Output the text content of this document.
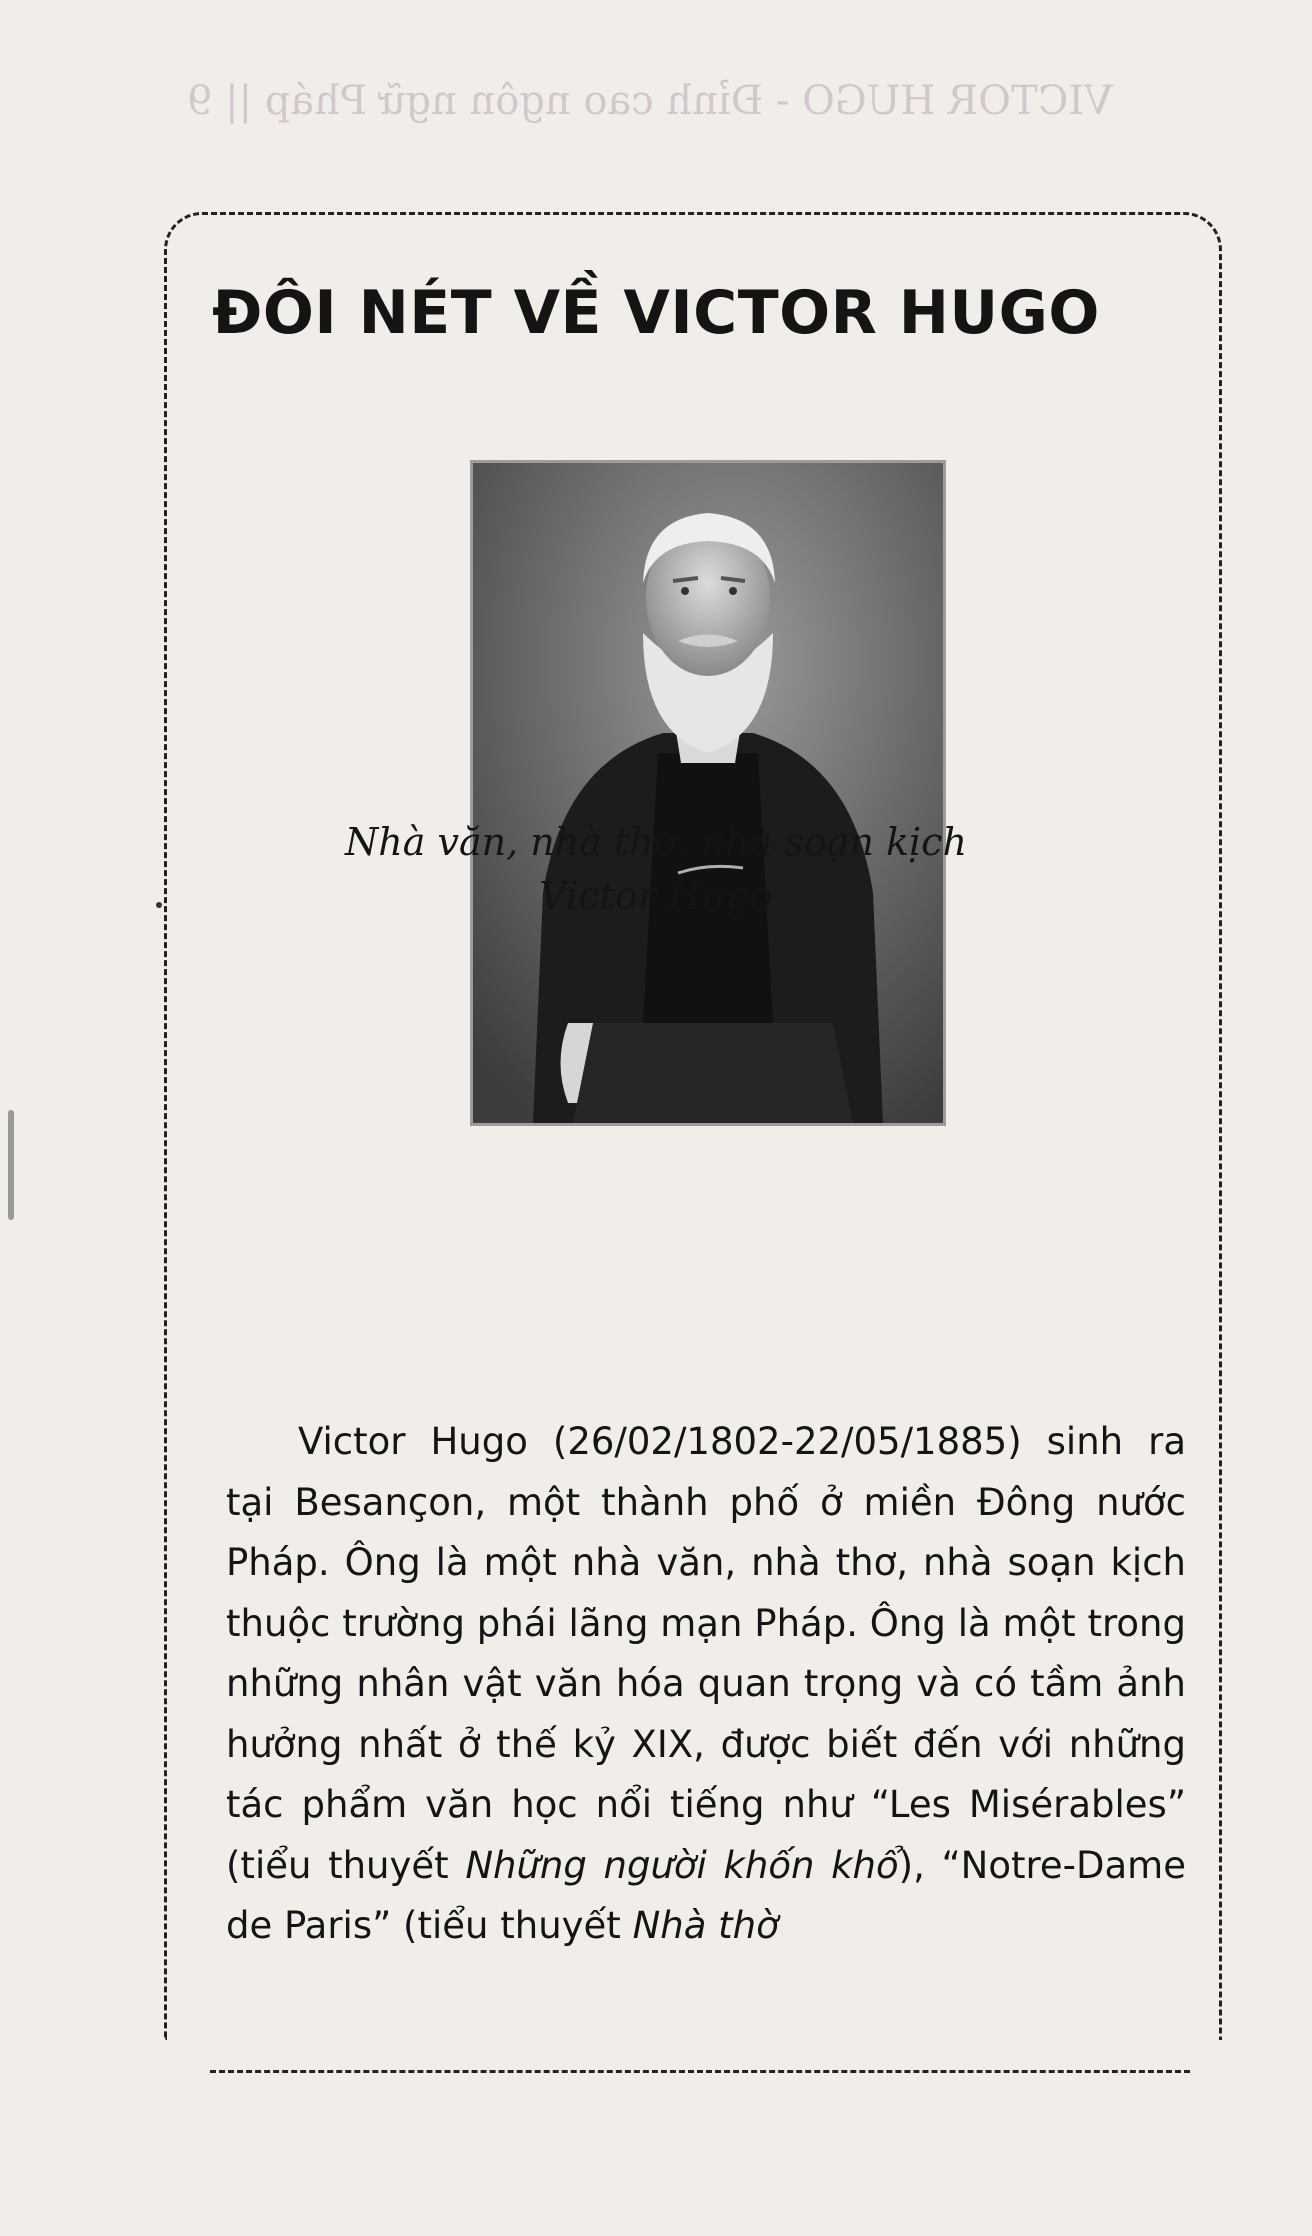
VICTOR HUGO - Đỉnh cao ngôn ngữ Pháp || 9
ĐÔI NÉT VỀ VICTOR HUGO

Nhà văn, nhà thơ, nhà soạn kịch

Victor Hugo

Victor Hugo (26/02/1802-22/05/1885) sinh ra tại Besançon, một thành phố ở miền Đông nước Pháp. Ông là một nhà văn, nhà thơ, nhà soạn kịch thuộc trường phái lãng mạn Pháp. Ông là một trong những nhân vật văn hóa quan trọng và có tầm ảnh hưởng nhất ở thế kỷ XIX, được biết đến với những tác phẩm văn học nổi tiếng như “Les Misérables” (tiểu thuyết Những người khốn khổ), “Notre-Dame de Paris” (tiểu thuyết Nhà thờ
